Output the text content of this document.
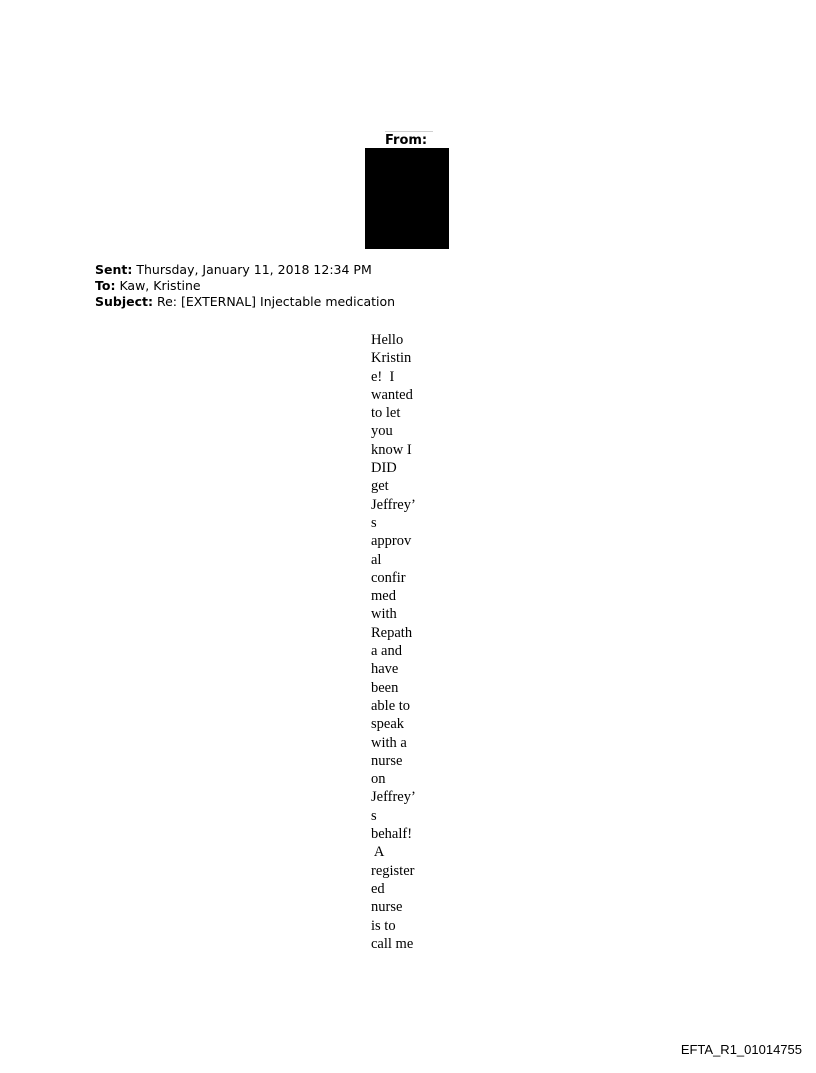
From:
Sent: Thursday, January 11, 2018 12:34 PM
To: Kaw, Kristine
Subject: Re: [EXTERNAL] Injectable medication
Hello
Kristin
e!  I
wanted
to let
you
know I
DID
get
Jeffrey’
s
approv
al
confir
med
with
Repath
a and
have
been
able to
speak
with a
nurse
on
Jeffrey’
s
behalf!
A
register
ed
nurse
is to
call me
EFTA_R1_01014755
